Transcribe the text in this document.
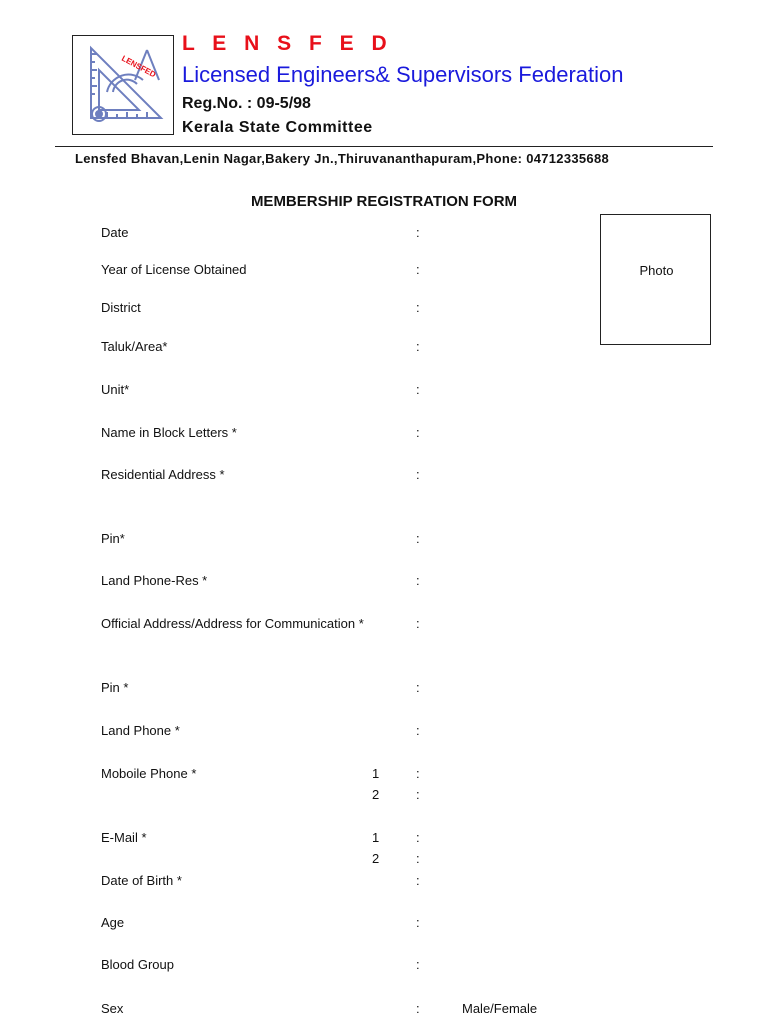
LENSFED
L E N S F E D
Licensed Engineers& Supervisors Federation
Reg.No. : 09-5/98
Kerala State Committee
Lensfed Bhavan,Lenin Nagar,Bakery Jn.,Thiruvananthapuram,Phone: 04712335688
MEMBERSHIP REGISTRATION FORM
Photo
Date	:
Year of License Obtained	:
District	:
Taluk/Area*	:
Unit*	:
Name in Block Letters *	:
Residential Address *	:
Pin*	:
Land Phone-Res *	:
Official Address/Address for Communication *	:
Pin *	:
Land Phone *	:
Moboile Phone *	1	:
2	:
E-Mail *	1	:
2	:
Date of Birth *	:
Age	:
Blood Group	:
Sex	:	Male/Female
